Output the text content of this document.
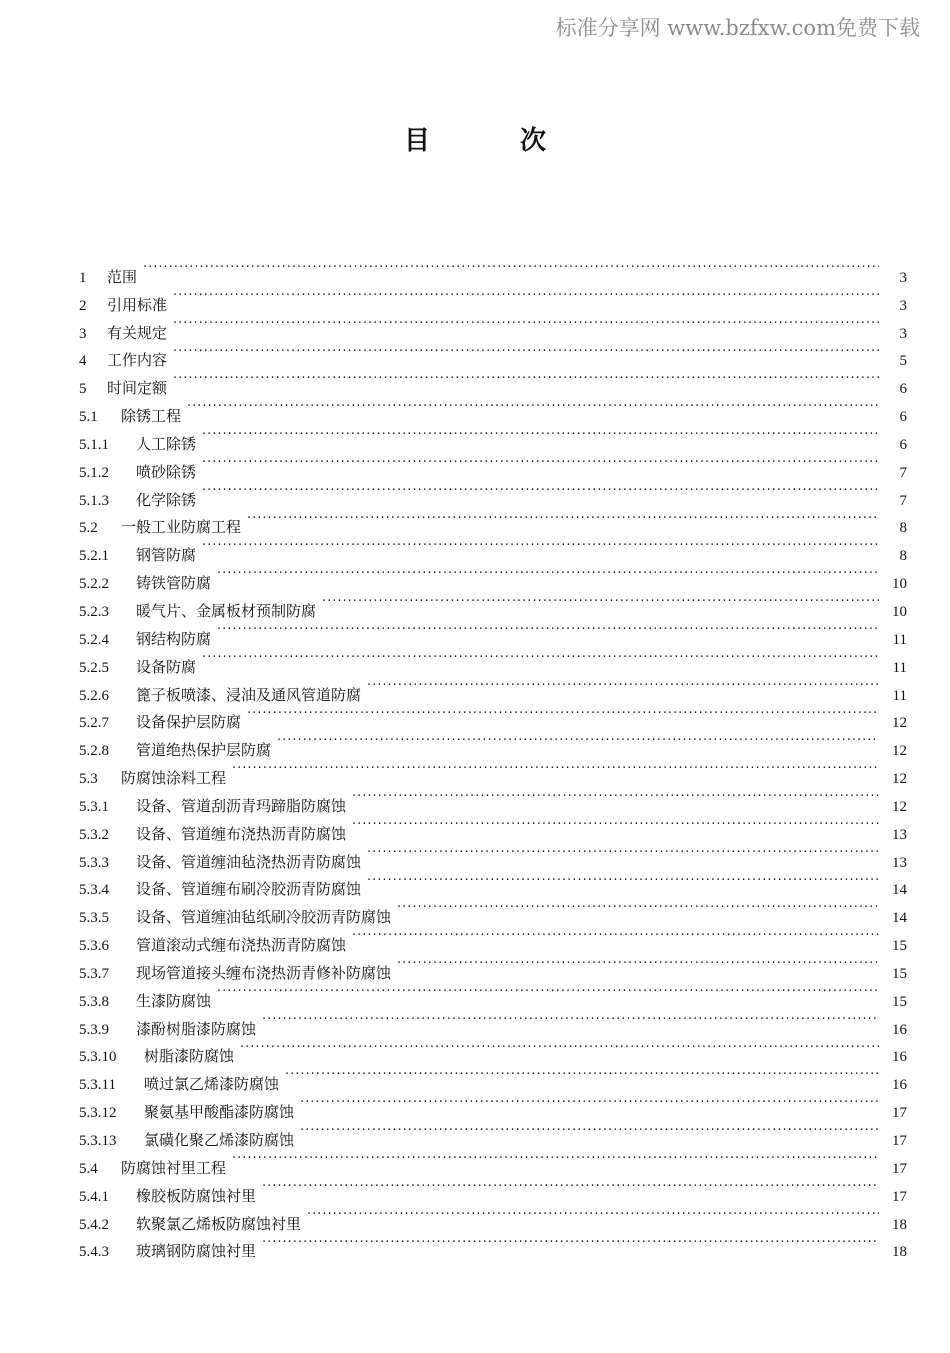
标准分享网 www.bzfxw.com免费下载
目	次
1	范围 ·····	3
2	引用标准 ·····	3
3	有关规定 ·····	3
4	工作内容 ·····	5
5	时间定额 ·····	6
5.1	除锈工程 ·····	6
5.1.1	人工除锈 ·····	6
5.1.2	喷砂除锈 ·····	7
5.1.3	化学除锈 ·····	7
5.2	一般工业防腐工程 ·····	8
5.2.1	钢管防腐 ·····	8
5.2.2	铸铁管防腐 ·····	10
5.2.3	暖气片、金属板材预制防腐 ·····	10
5.2.4	钢结构防腐 ·····	11
5.2.5	设备防腐 ·····	11
5.2.6	篦子板喷漆、浸油及通风管道防腐 ·····	11
5.2.7	设备保护层防腐 ·····	12
5.2.8	管道绝热保护层防腐 ·····	12
5.3	防腐蚀涂料工程 ·····	12
5.3.1	设备、管道刮沥青玛蹄脂防腐蚀 ·····	12
5.3.2	设备、管道缠布浇热沥青防腐蚀 ·····	13
5.3.3	设备、管道缠油毡浇热沥青防腐蚀 ·····	13
5.3.4	设备、管道缠布刷冷胶沥青防腐蚀 ·····	14
5.3.5	设备、管道缠油毡纸刷冷胶沥青防腐蚀 ·····	14
5.3.6	管道滚动式缠布浇热沥青防腐蚀 ·····	15
5.3.7	现场管道接头缠布浇热沥青修补防腐蚀 ·····	15
5.3.8	生漆防腐蚀 ·····	15
5.3.9	漆酚树脂漆防腐蚀 ·····	16
5.3.10	树脂漆防腐蚀 ·····	16
5.3.11	喷过氯乙烯漆防腐蚀 ·····	16
5.3.12	聚氨基甲酸酯漆防腐蚀 ·····	17
5.3.13	氯磺化聚乙烯漆防腐蚀 ·····	17
5.4	防腐蚀衬里工程 ·····	17
5.4.1	橡胶板防腐蚀衬里 ·····	17
5.4.2	软聚氯乙烯板防腐蚀衬里 ·····	18
5.4.3	玻璃钢防腐蚀衬里 ·····	18
